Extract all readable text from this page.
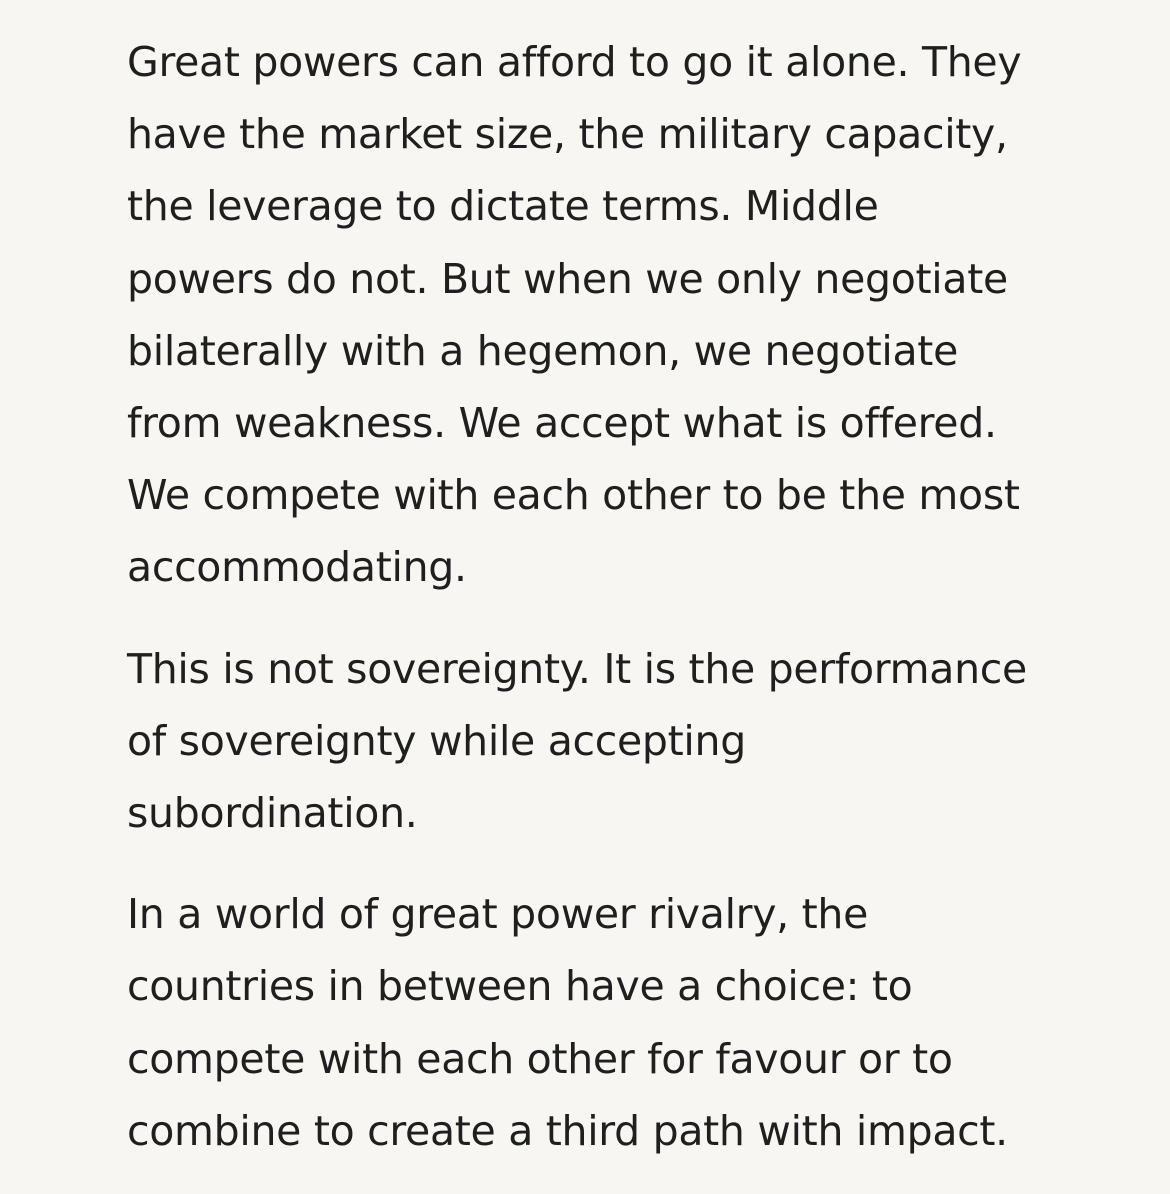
Great powers can afford to go it alone. They
have the market size, the military capacity,
the leverage to dictate terms. Middle
powers do not. But when we only negotiate
bilaterally with a hegemon, we negotiate
from weakness. We accept what is offered.
We compete with each other to be the most
accommodating.

This is not sovereignty. It is the performance
of sovereignty while accepting
subordination.

In a world of great power rivalry, the
countries in between have a choice: to
compete with each other for favour or to
combine to create a third path with impact.
